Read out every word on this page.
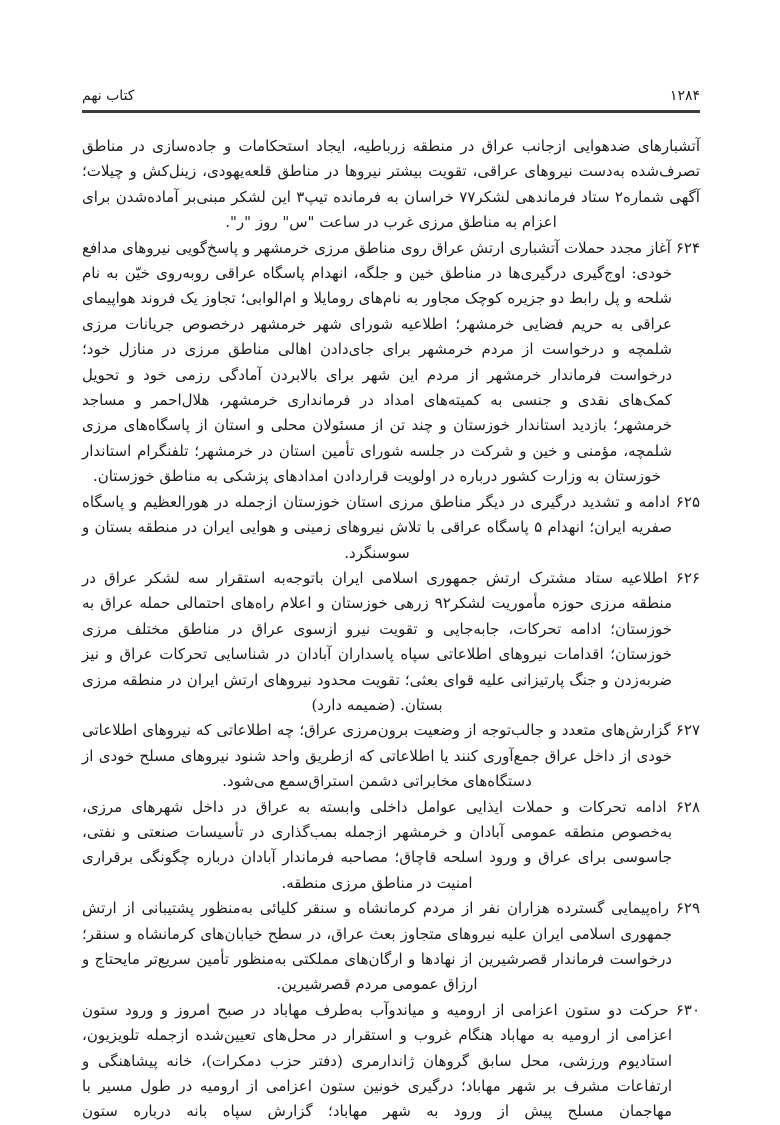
۱۲۸۴
کتاب نهم

آتشبارهای ضدهوایی ازجانب عراق در منطقه زرباطیه، ایجاد استحکامات و جاده‌سازی در مناطق تصرف‌شده به‌دست نیروهای عراقی، تقویت بیشتر نیروها در مناطق قلعه‌یهودی، زینل‌کش و چیلات؛ آگهی شماره۲ ستاد فرماندهی لشکر۷۷ خراسان به فرمانده تیپ۳ این لشکر مبنی‌بر آماده‌شدن برای اعزام به مناطق مرزی غرب در ساعت "س" روز "ر".

۶۲۴ آغاز مجدد حملات آتشباری ارتش عراق روی مناطق مرزی خرمشهر و پاسخ‌گویی نیروهای مدافع خودی: اوج‌گیری درگیری‌ها در مناطق خین و جلگه، انهدام پاسگاه عراقی روبه‌روی خیّن به نام شلحه و پل رابط دو جزیره کوچک مجاور به نام‌های رومایلا و ام‌الوابی؛ تجاوز یک فروند هواپیمای عراقی به حریم فضایی خرمشهر؛ اطلاعیه شورای شهر خرمشهر درخصوص جریانات مرزی شلمچه و درخواست از مردم خرمشهر برای جای‌دادن اهالی مناطق مرزی در منازل خود؛ درخواست فرماندار خرمشهر از مردم این شهر برای بالابردن آمادگی رزمی خود و تحویل کمک‌های نقدی و جنسی به کمیته‌های امداد در فرمانداری خرمشهر، هلال‌احمر و مساجد خرمشهر؛ بازدید استاندار خوزستان و چند تن از مسئولان محلی و استان از پاسگاه‌های مرزی شلمچه، مؤمنی و خین و شرکت در جلسه شورای تأمین استان در خرمشهر؛ تلفنگرام استاندار خوزستان به وزارت کشور درباره در اولویت قراردادن امدادهای پزشکی به مناطق خوزستان.

۶۲۵ ادامه و تشدید درگیری در دیگر مناطق مرزی استان خوزستان ازجمله در هورالعظیم و پاسگاه صفریه ایران؛ انهدام ۵ پاسگاه عراقی با تلاش نیروهای زمینی و هوایی ایران در منطقه بستان و سوسنگرد.

۶۲۶ اطلاعیه ستاد مشترک ارتش جمهوری اسلامی ایران باتوجه‌به استقرار سه لشکر عراق در منطقه مرزی حوزه مأموریت لشکر۹۲ زرهی خوزستان و اعلام راه‌های احتمالی حمله عراق به خوزستان؛ ادامه تحرکات، جابه‌جایی و تقویت نیرو ازسوی عراق در مناطق مختلف مرزی خوزستان؛ اقدامات نیروهای اطلاعاتی سپاه پاسداران آبادان در شناسایی تحرکات عراق و نیز ضربه‌زدن و جنگ پارتیزانی علیه قوای بعثی؛ تقویت محدود نیروهای ارتش ایران در منطقه مرزی بستان. (ضمیمه دارد)

۶۲۷ گزارش‌های متعدد و جالب‌توجه از وضعیت برون‌مرزی عراق؛ چه اطلاعاتی که نیروهای اطلاعاتی خودی از داخل عراق جمع‌آوری کنند یا اطلاعاتی که ازطریق واحد شنود نیروهای مسلح خودی از دستگاه‌های مخابراتی دشمن استراق‌سمع می‌شود.

۶۲۸ ادامه تحرکات و حملات ایذایی عوامل داخلی وابسته به عراق در داخل شهرهای مرزی، به‌خصوص منطقه عمومی آبادان و خرمشهر ازجمله بمب‌گذاری در تأسیسات صنعتی و نفتی، جاسوسی برای عراق و ورود اسلحه قاچاق؛ مصاحبه فرماندار آبادان درباره چگونگی برقراری امنیت در مناطق مرزی منطقه.

۶۲۹ راه‌پیمایی گسترده هزاران نفر از مردم کرمانشاه و سنقر کلیائی به‌منظور پشتیبانی از ارتش جمهوری اسلامی ایران علیه نیروهای متجاوز بعث عراق، در سطح خیابان‌های کرمانشاه و سنقر؛ درخواست فرماندار قصرشیرین از نهادها و ارگان‌های مملکتی به‌منظور تأمین سریع‌تر مایحتاج و ارزاق عمومی مردم قصرشیرین.

۶۳۰ حرکت دو ستون اعزامی از ارومیه و میاندوآب به‌طرف مهاباد در صبح امروز و ورود ستون اعزامی از ارومیه به مهاباد هنگام غروب و استقرار در محل‌های تعیین‌شده ازجمله تلویزیون، استادیوم ورزشی، محل سابق گروهان ژاندارمری (دفتر حزب دمکرات)، خانه پیشاهنگی و ارتفاعات مشرف بر شهر مهاباد؛ درگیری خونین ستون اعزامی از ارومیه در طول مسیر با مهاجمان مسلح پیش از ورود به شهر مهاباد؛ گزارش سپاه بانه درباره ستون
